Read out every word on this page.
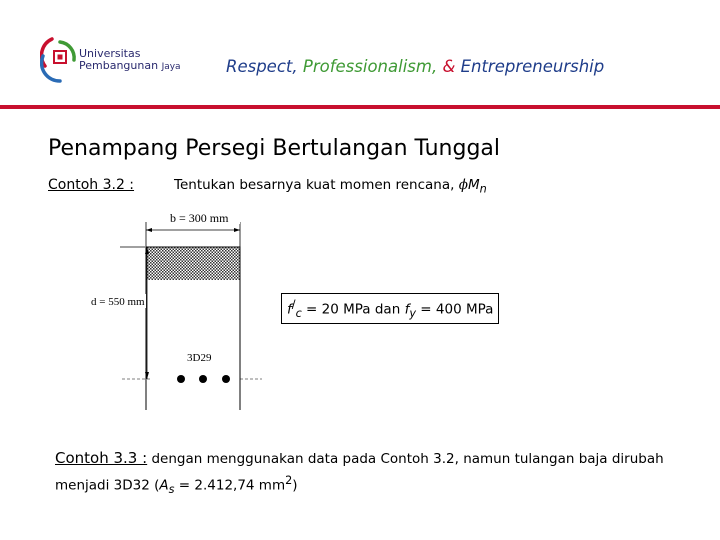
Universitas
Pembangunan Jaya	Respect, Professionalism, & Entrepreneurship
Penampang Persegi Bertulangan Tunggal
Contoh 3.2 :	Tentukan besarnya kuat momen rencana, $\phi M_n$
b = 300 mm
d = 550 mm
3D29
$f^/_c = 20$ MPa dan $f_y = 400$ MPa
Contoh 3.3 : dengan menggunakan data pada Contoh 3.2, namun tulangan baja dirubah menjadi 3D32 ($A_s = 2.412,74$ $mm^2$)
